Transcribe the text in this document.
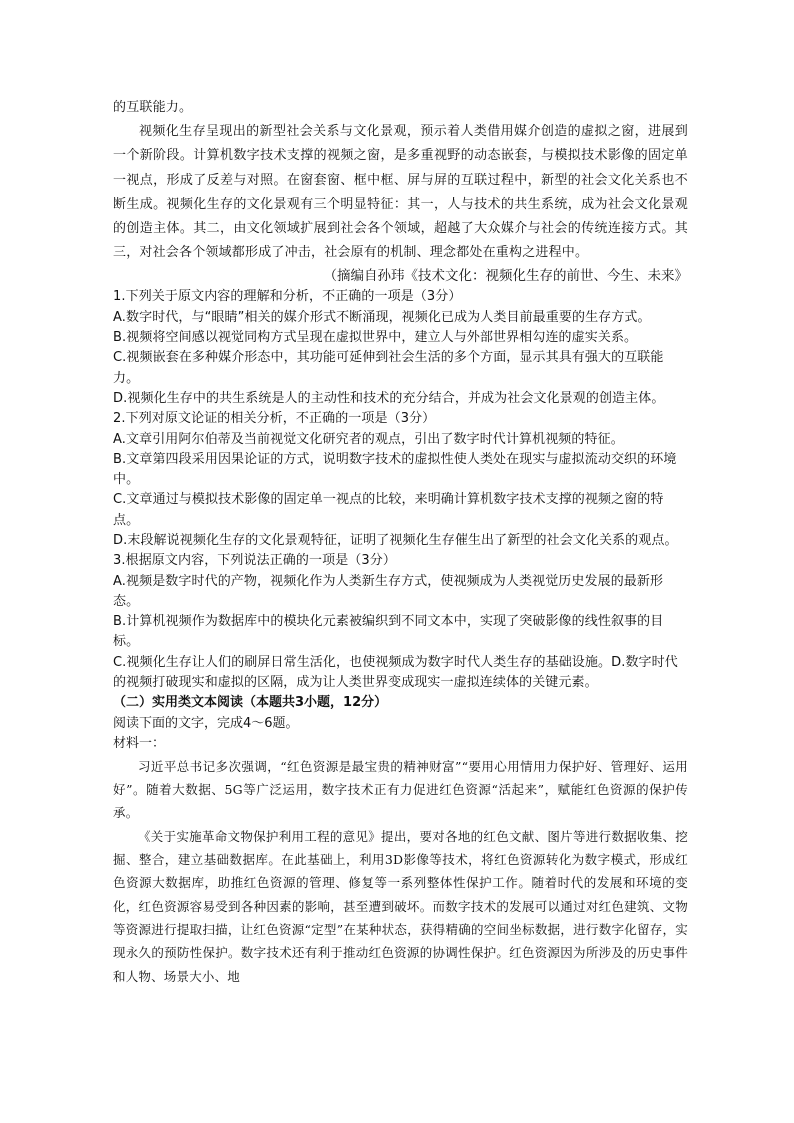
的互联能力。

视频化生存呈现出的新型社会关系与文化景观，预示着人类借用媒介创造的虚拟之窗，进展到一个新阶段。计算机数字技术支撑的视频之窗，是多重视野的动态嵌套，与模拟技术影像的固定单一视点，形成了反差与对照。在窗套窗、框中框、屏与屏的互联过程中，新型的社会文化关系也不断生成。视频化生存的文化景观有三个明显特征：其一，人与技术的共生系统，成为社会文化景观的创造主体。其二，由文化领域扩展到社会各个领域，超越了大众媒介与社会的传统连接方式。其三，对社会各个领域都形成了冲击，社会原有的机制、理念都处在重构之进程中。

（摘编自孙玮《技术文化：视频化生存的前世、今生、未来》

1.下列关于原文内容的理解和分析，不正确的一项是（3分）

A.数字时代，与“眼睛”相关的媒介形式不断涌现，视频化已成为人类目前最重要的生存方式。

B.视频将空间感以视觉同构方式呈现在虚拟世界中，建立人与外部世界相勾连的虚实关系。

C.视频嵌套在多种媒介形态中，其功能可延伸到社会生活的多个方面，显示其具有强大的互联能力。

D.视频化生存中的共生系统是人的主动性和技术的充分结合，并成为社会文化景观的创造主体。

2.下列对原文论证的相关分析，不正确的一项是（3分）

A.文章引用阿尔伯蒂及当前视觉文化研究者的观点，引出了数字时代计算机视频的特征。

B.文章第四段采用因果论证的方式，说明数字技术的虚拟性使人类处在现实与虚拟流动交织的环境中。

C.文章通过与模拟技术影像的固定单一视点的比较，来明确计算机数字技术支撑的视频之窗的特点。

D.末段解说视频化生存的文化景观特征，证明了视频化生存催生出了新型的社会文化关系的观点。

3.根据原文内容，下列说法正确的一项是（3分）

A.视频是数字时代的产物，视频化作为人类新生存方式，使视频成为人类视觉历史发展的最新形态。

B.计算机视频作为数据库中的模块化元素被编织到不同文本中，实现了突破影像的线性叙事的目标。

C.视频化生存让人们的刷屏日常生活化，也使视频成为数字时代人类生存的基础设施。D.数字时代的视频打破现实和虚拟的区隔，成为让人类世界变成现实一虚拟连续体的关键元素。

（二）实用类文本阅读（本题共3小题，12分）

阅读下面的文字，完成4～6题。

材料一：

习近平总书记多次强调，“红色资源是最宝贵的精神财富”“要用心用情用力保护好、管理好、运用好”。随着大数据、5G等广泛运用，数字技术正有力促进红色资源“活起来”，赋能红色资源的保护传承。

《关于实施革命文物保护利用工程的意见》提出，要对各地的红色文献、图片等进行数据收集、挖掘、整合，建立基础数据库。在此基础上，利用3D影像等技术，将红色资源转化为数字模式，形成红色资源大数据库，助推红色资源的管理、修复等一系列整体性保护工作。随着时代的发展和环境的变化，红色资源容易受到各种因素的影响，甚至遭到破坏。而数字技术的发展可以通过对红色建筑、文物等资源进行提取扫描，让红色资源“定型”在某种状态，获得精确的空间坐标数据，进行数字化留存，实现永久的预防性保护。数字技术还有利于推动红色资源的协调性保护。红色资源因为所涉及的历史事件和人物、场景大小、地
